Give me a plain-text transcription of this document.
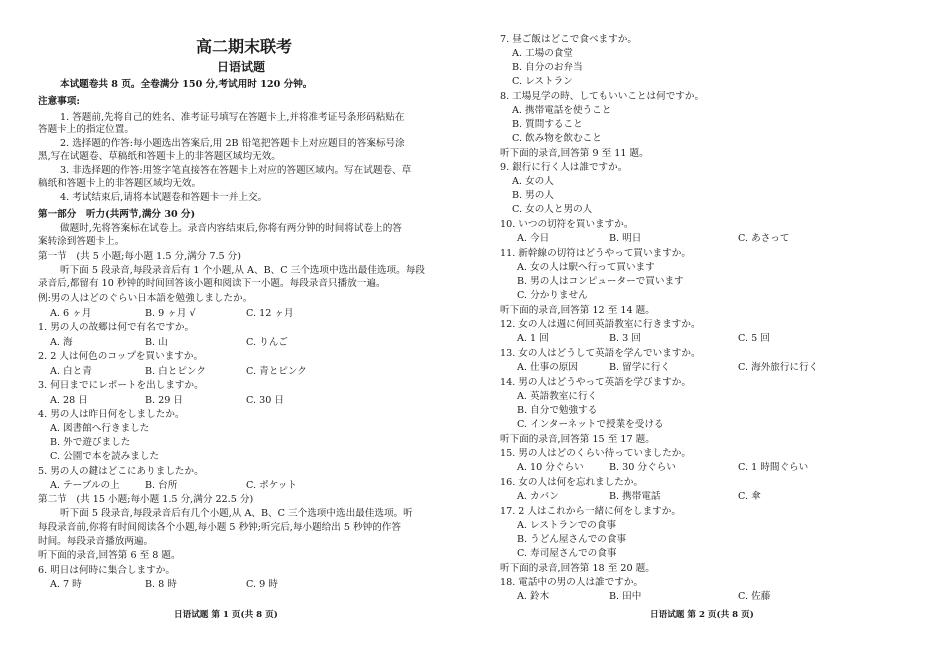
高二期末联考
日语试题
本试题卷共 8 页。全卷满分 150 分,考试用时 120 分钟。
注意事项:
1. 答题前,先将自己的姓名、准考证号填写在答题卡上,并将准考证号条形码粘贴在
答题卡上的指定位置。
2. 选择题的作答:每小题选出答案后,用 2B 铅笔把答题卡上对应题目的答案标号涂
黑,写在试题卷、草稿纸和答题卡上的非答题区域均无效。
3. 非选择题的作答:用签字笔直接答在答题卡上对应的答题区域内。写在试题卷、草
稿纸和答题卡上的非答题区域均无效。
4. 考试结束后,请将本试题卷和答题卡一并上交。
第一部分　听力(共两节,满分 30 分)
做题时,先将答案标在试卷上。录音内容结束后,你将有两分钟的时间将试卷上的答
案转涂到答题卡上。
第一节　(共 5 小题;每小题 1.5 分,满分 7.5 分)
听下面 5 段录音,每段录音后有 1 个小题,从 A、B、C 三个选项中选出最佳选项。每段
录音后,都留有 10 秒钟的时间回答该小题和阅读下一小题。每段录音只播放一遍。
例:男の人はどのぐらい日本語を勉強しましたか。
A. 6 ヶ月	B. 9 ヶ月 √	C. 12 ヶ月
1. 男の人の故郷は何で有名ですか。
A. 海	B. 山	C. りんご
2. 2 人は何色のコップを買いますか。
A. 白と青	B. 白とピンク	C. 青とピンク
3. 何日までにレポートを出しますか。
A. 28 日	B. 29 日	C. 30 日
4. 男の人は昨日何をしましたか。
A. 図書館へ行きました
B. 外で遊びました
C. 公園で本を読みました
5. 男の人の鍵はどこにありましたか。
A. テーブルの上	B. 台所	C. ポケット
第二节　(共 15 小题;每小题 1.5 分,满分 22.5 分)
听下面 5 段录音,每段录音后有几个小题,从 A、B、C 三个选项中选出最佳选项。听
每段录音前,你将有时间阅读各个小题,每小题 5 秒钟;听完后,每小题给出 5 秒钟的作答
时间。每段录音播放两遍。
听下面的录音,回答第 6 至 8 题。
6. 明日は何時に集合しますか。
A. 7 時	B. 8 時	C. 9 時
日语试题 第 1 页(共 8 页)
7. 昼ご飯はどこで食べますか。
A. 工場の食堂
B. 自分のお弁当
C. レストラン
8. 工場見学の時、してもいいことは何ですか。
A. 携帯電話を使うこと
B. 質問すること
C. 飲み物を飲むこと
听下面的录音,回答第 9 至 11 题。
9. 銀行に行く人は誰ですか。
A. 女の人
B. 男の人
C. 女の人と男の人
10. いつの切符を買いますか。
A. 今日	B. 明日	C. あさって
11. 新幹線の切符はどうやって買いますか。
A. 女の人は駅へ行って買います
B. 男の人はコンピューターで買います
C. 分かりません
听下面的录音,回答第 12 至 14 题。
12. 女の人は週に何回英語教室に行きますか。
A. 1 回	B. 3 回	C. 5 回
13. 女の人はどうして英語を学んでいますか。
A. 仕事の原因	B. 留学に行く	C. 海外旅行に行く
14. 男の人はどうやって英語を学びますか。
A. 英語教室に行く
B. 自分で勉強する
C. インターネットで授業を受ける
听下面的录音,回答第 15 至 17 题。
15. 男の人はどのくらい待っていましたか。
A. 10 分ぐらい	B. 30 分ぐらい	C. 1 時間ぐらい
16. 女の人は何を忘れましたか。
A. カバン	B. 携帯電話	C. 傘
17. 2 人はこれから一緒に何をしますか。
A. レストランでの食事
B. うどん屋さんでの食事
C. 寿司屋さんでの食事
听下面的录音,回答第 18 至 20 题。
18. 電話中の男の人は誰ですか。
A. 鈴木	B. 田中	C. 佐藤
日语试题 第 2 页(共 8 页)
